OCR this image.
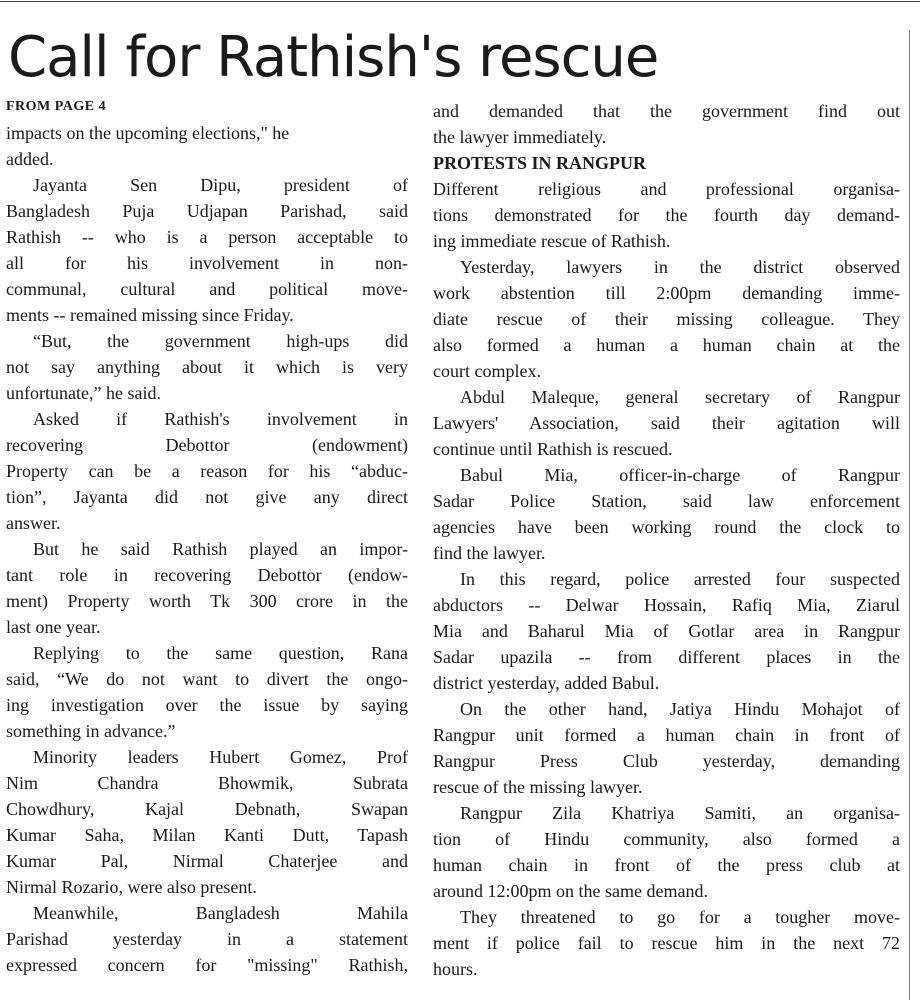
Call for Rathish's rescue
FROM PAGE 4
impacts on the upcoming elections," he
added.
Jayanta Sen Dipu, president of
Bangladesh Puja Udjapan Parishad, said
Rathish -- who is a person acceptable to
all for his involvement in non-
communal, cultural and political move-
ments -- remained missing since Friday.
“But, the government high-ups did
not say anything about it which is very
unfortunate,” he said.
Asked if Rathish's involvement in
recovering Debottor (endowment)
Property can be a reason for his “abduc-
tion”, Jayanta did not give any direct
answer.
But he said Rathish played an impor-
tant role in recovering Debottor (endow-
ment) Property worth Tk 300 crore in the
last one year.
Replying to the same question, Rana
said, “We do not want to divert the ongo-
ing investigation over the issue by saying
something in advance.”
Minority leaders Hubert Gomez, Prof
Nim Chandra Bhowmik, Subrata
Chowdhury, Kajal Debnath, Swapan
Kumar Saha, Milan Kanti Dutt, Tapash
Kumar Pal, Nirmal Chaterjee and
Nirmal Rozario, were also present.
Meanwhile, Bangladesh Mahila
Parishad yesterday in a statement
expressed concern for "missing" Rathish,
and demanded that the government find out
the lawyer immediately.
PROTESTS IN RANGPUR
Different religious and professional organisa-
tions demonstrated for the fourth day demand-
ing immediate rescue of Rathish.
Yesterday, lawyers in the district observed
work abstention till 2:00pm demanding imme-
diate rescue of their missing colleague. They
also formed a human a human chain at the
court complex.
Abdul Maleque, general secretary of Rangpur
Lawyers' Association, said their agitation will
continue until Rathish is rescued.
Babul Mia, officer-in-charge of Rangpur
Sadar Police Station, said law enforcement
agencies have been working round the clock to
find the lawyer.
In this regard, police arrested four suspected
abductors -- Delwar Hossain, Rafiq Mia, Ziarul
Mia and Baharul Mia of Gotlar area in Rangpur
Sadar upazila -- from different places in the
district yesterday, added Babul.
On the other hand, Jatiya Hindu Mohajot of
Rangpur unit formed a human chain in front of
Rangpur Press Club yesterday, demanding
rescue of the missing lawyer.
Rangpur Zila Khatriya Samiti, an organisa-
tion of Hindu community, also formed a
human chain in front of the press club at
around 12:00pm on the same demand.
They threatened to go for a tougher move-
ment if police fail to rescue him in the next 72
hours.
